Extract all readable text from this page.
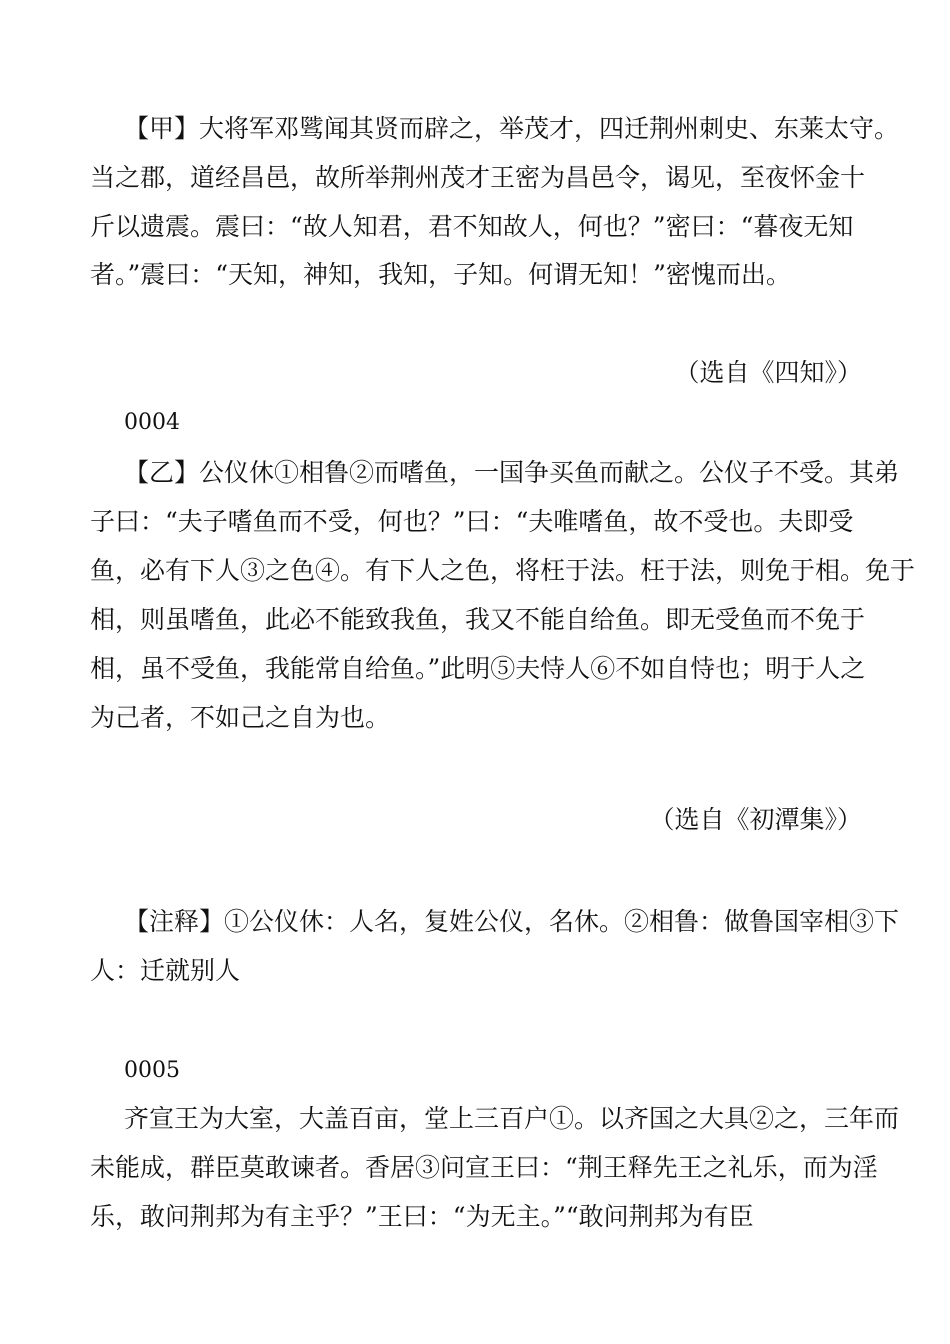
【甲】大将军邓骘闻其贤而辟之，举茂才，四迁荆州刺史、东莱太守。
当之郡，道经昌邑，故所举荆州茂才王密为昌邑令，谒见，至夜怀金十
斤以遗震。震曰：“故人知君，君不知故人，何也？”密曰：“暮夜无知
者。”震曰：“天知，神知，我知，子知。何谓无知！”密愧而出。
（选自《四知》）
0004
【乙】公仪休①相鲁②而嗜鱼，一国争买鱼而献之。公仪子不受。其弟
子曰：“夫子嗜鱼而不受，何也？”曰：“夫唯嗜鱼，故不受也。夫即受
鱼，必有下人③之色④。有下人之色，将枉于法。枉于法，则免于相。免于
相，则虽嗜鱼，此必不能致我鱼，我又不能自给鱼。即无受鱼而不免于
相，虽不受鱼，我能常自给鱼。”此明⑤夫恃人⑥不如自恃也；明于人之
为己者，不如己之自为也。
（选自《初潭集》）
【注释】①公仪休：人名，复姓公仪，名休。②相鲁：做鲁国宰相③下
人：迁就别人
0005
齐宣王为大室，大盖百亩，堂上三百户①。以齐国之大具②之，三年而
未能成，群臣莫敢谏者。香居③问宣王曰：“荆王释先王之礼乐，而为淫
乐，敢问荆邦为有主乎？”王曰：“为无主。”“敢问荆邦为有臣
